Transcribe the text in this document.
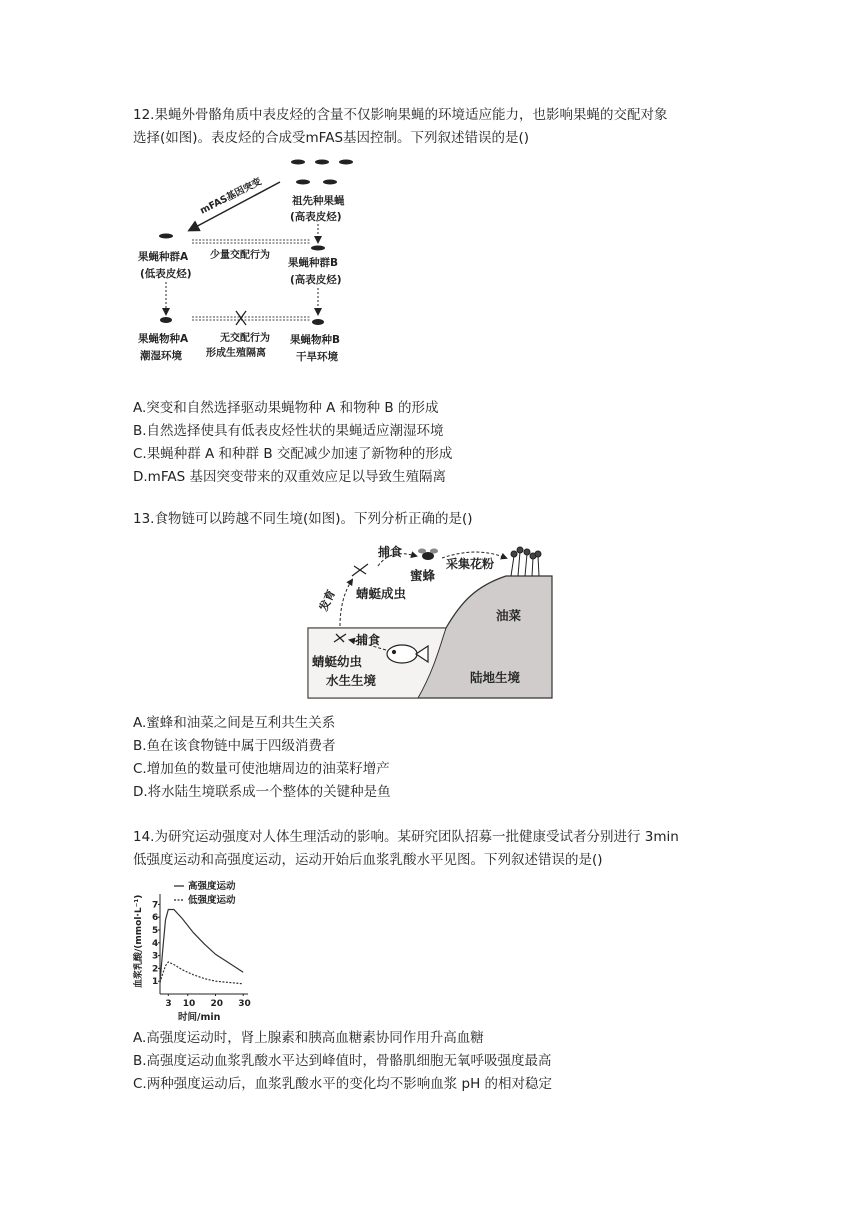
12.果蝇外骨骼角质中表皮烃的含量不仅影响果蝇的环境适应能力，也影响果蝇的交配对象
选择(如图)。表皮烃的合成受mFAS基因控制。下列叙述错误的是()
祖先种果蝇
(高表皮烃)
mFAS基因突变
果蝇种群A
(低表皮烃)
果蝇种群B
(高表皮烃)
少量交配行为
果蝇物种A
潮湿环境
无交配行为
形成生殖隔离
果蝇物种B
干旱环境
A.突变和自然选择驱动果蝇物种 A 和物种 B 的形成
B.自然选择使具有低表皮烃性状的果蝇适应潮湿环境
C.果蝇种群 A 和种群 B 交配减少加速了新物种的形成
D.mFAS 基因突变带来的双重效应足以导致生殖隔离
13.食物链可以跨越不同生境(如图)。下列分析正确的是()
捕食
蜜蜂
采集花粉
发育 蜻蜓成虫
油菜
捕食
蜻蜓幼虫
水生生境	陆地生境
A.蜜蜂和油菜之间是互利共生关系
B.鱼在该食物链中属于四级消费者
C.增加鱼的数量可使池塘周边的油菜籽增产
D.将水陆生境联系成一个整体的关键种是鱼
14.为研究运动强度对人体生理活动的影响。某研究团队招募一批健康受试者分别进行 3min
低强度运动和高强度运动，运动开始后血浆乳酸水平见图。下列叙述错误的是()
1
2
3
4
5
6
7
3 10 20 30
血浆乳酸/(mmol·L⁻¹)
时间/min
高强度运动
低强度运动
A.高强度运动时，肾上腺素和胰高血糖素协同作用升高血糖
B.高强度运动血浆乳酸水平达到峰值时，骨骼肌细胞无氧呼吸强度最高
C.两种强度运动后，血浆乳酸水平的变化均不影响血浆 pH 的相对稳定
